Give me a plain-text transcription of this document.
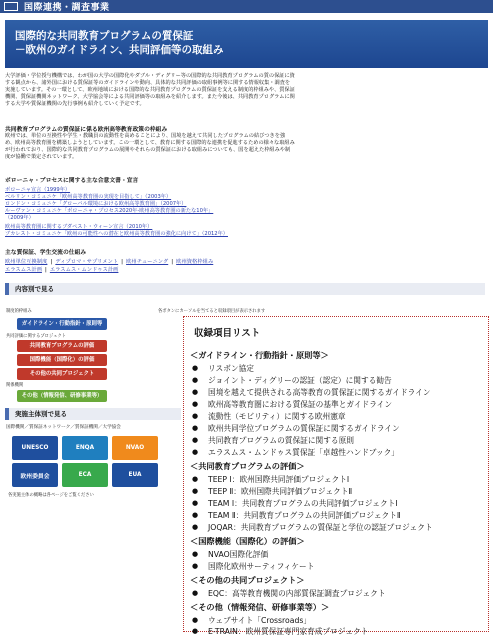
国際連携・調査事業
国際的な共同教育プログラムの質保証
－欧州のガイドライン、共同評価等の取組み
大学評価・学位授与機構では、わが国の大学の国際化やダブル・ディグリー等の国際的な共同教育プログラムの質の保証に資する観点から、諸外国における質保証等のガイドラインや動向、具体的な共同評価の取組事例等に関する情報収集・調査を実施しています。その一環として、欧州地域における国際的な共同教育プログラムの質保証を支える制度的枠組みや、質保証機関、質保証機関ネットワーク、大学協会等による共同評価等の取組みを紹介します。また今後は、共同教育プログラムに関する大学や質保証機関の先行事例も紹介していく予定です。
共同教育プログラムの質保証に係る欧州高等教育政策の枠組み
欧州では、単位の互換性や学生・教職員の流動性を高めることにより、国境を越えて共同したプログラムの結びつきを強め、欧州高等教育圏を構築しようとしています。この一環として、教育に関する国際的な連携を促進するための様々な取組みが行われており、国際的な共同教育プログラムの展開やそれらの質保証における取組みについても、国を超えた枠組みや制度が協働で策定されています。
ボローニャ・プロセスに関する主な合意文書・宣言
ボローニャ宣言（1999年）
ベルリン・コミュニケ「欧州高等教育圏の実現を目指して」（2003年）
ロンドン・コミュニケ「グローバル環境における欧州高等教育圏」（2007年）
ルーヴァン・コミュニケ「ボローニャ・プロセス2020年-欧州高等教育圏の新たな10年」
（2009年）
欧州高等教育圏に関するブダペスト・ウィーン宣言（2010年）
ブカレスト・コミュニケ「欧州の可能性への潜在と欧州高等教育圏の強化に向けて」（2012年）
主な質保証、学生交流の仕組み
欧州単位互換制度 | ディプロマ・サプリメント | 欧州チューニング | 欧州資格枠組み
エラスムス計画 | エラスムス・ムンドゥス計画
内容別で見る
制度的枠組み	各ボタンにカーソルを当てると収録項目が表示されます
ガイドライン・行動指針・原則等
共同評価に関するプロジェクト
共同教育プログラムの評価
国際機能（国際化）の評価
その他の共同プロジェクト
関係機関
その他（情報発信、研修事業等）
実施主体別で見る
国際機関／質保証ネットワーク／質保証機関／大学協会
UNESCO	ENQA	NVAO
欧州委員会	ECA	EUA
各実施主体の概略は各ページをご覧ください
収録項目リスト
＜ガイドライン・行動指針・原則等＞
● リスボン協定
● ジョイント・ディグリーの認証（認定）に関する勧告
● 国境を越えて提供される高等教育の質保証に関するガイドライン
● 欧州高等教育圏における質保証の基準とガイドライン
● 流動性（モビリティ）に関する欧州憲章
● 欧州共同学位プログラムの質保証に関するガイドライン
● 共同教育プログラムの質保証に関する原則
● エラスムス・ムンドゥス質保証「卓越性ハンドブック」
＜共同教育プログラムの評価＞
● TEEP Ⅰ：欧州国際共同評価プロジェクトⅠ
● TEEP Ⅱ：欧州国際共同評価プロジェクトⅡ
● TEAM Ⅰ：共同教育プログラムの共同評価プロジェクトⅠ
● TEAM Ⅱ：共同教育プログラムの共同評価プロジェクトⅡ
● JOQAR：共同教育プログラムの質保証と学位の認証プロジェクト
＜国際機能（国際化）の評価＞
● NVAO国際化評価
● 国際化欧州サーティフィケート
＜その他の共同プロジェクト＞
● EQC：高等教育機関の内部質保証調査プロジェクト
＜その他（情報発信、研修事業等）＞
● ウェブサイト「Crossroads」
● E-TRAIN：欧州質保証専門家育成プロジェクト
